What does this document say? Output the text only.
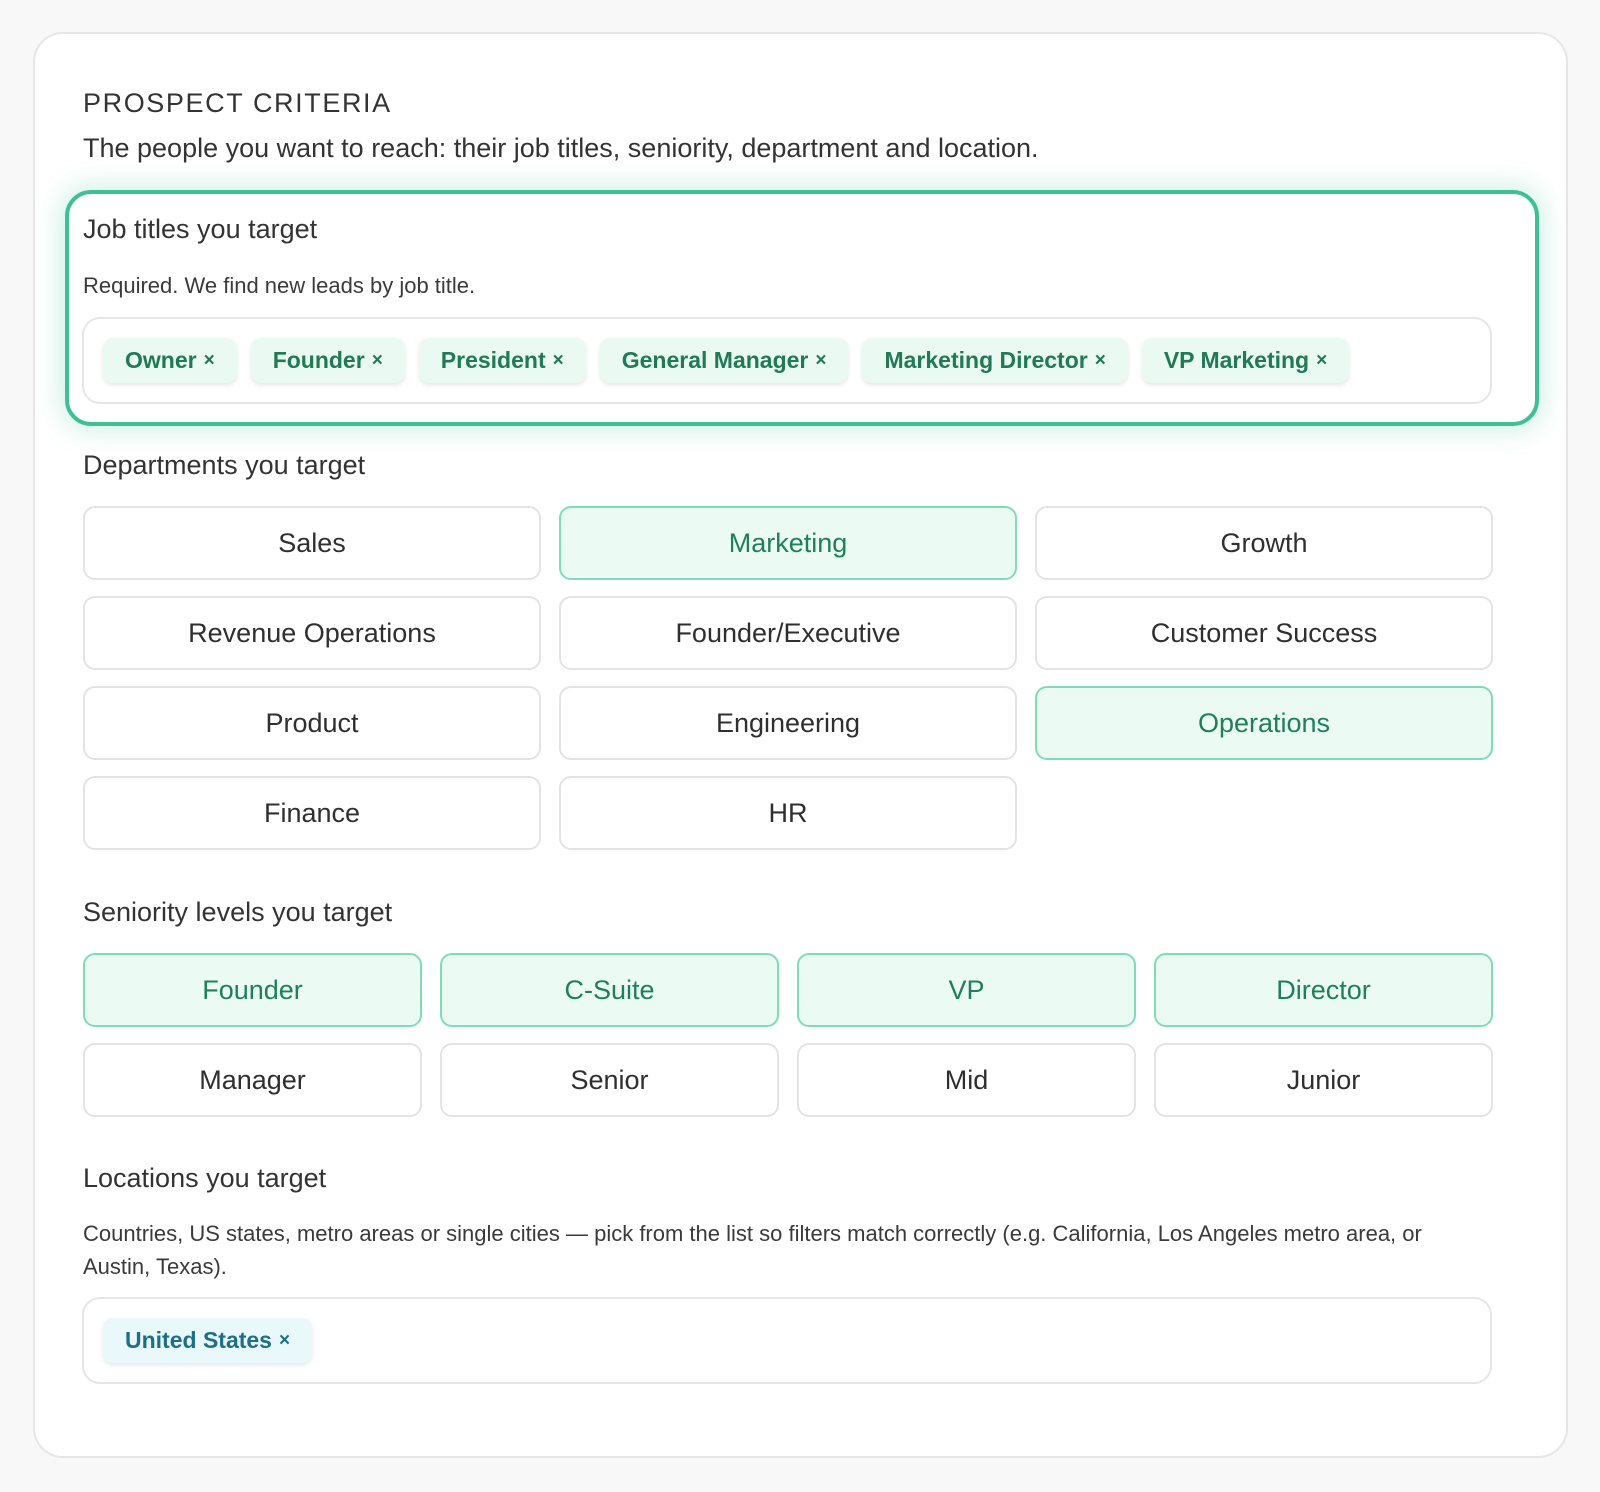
PROSPECT CRITERIA
The people you want to reach: their job titles, seniority, department and location.
Job titles you target
Required. We find new leads by job title.
Owner ×	Founder ×	President ×	General Manager ×	Marketing Director ×	VP Marketing ×
Departments you target
Sales	Marketing	Growth
Revenue Operations	Founder/Executive	Customer Success
Product	Engineering	Operations
Finance	HR
Seniority levels you target
Founder	C-Suite	VP	Director
Manager	Senior	Mid	Junior
Locations you target
Countries, US states, metro areas or single cities — pick from the list so filters match correctly (e.g. California, Los Angeles metro area, or Austin, Texas).
United States ×
